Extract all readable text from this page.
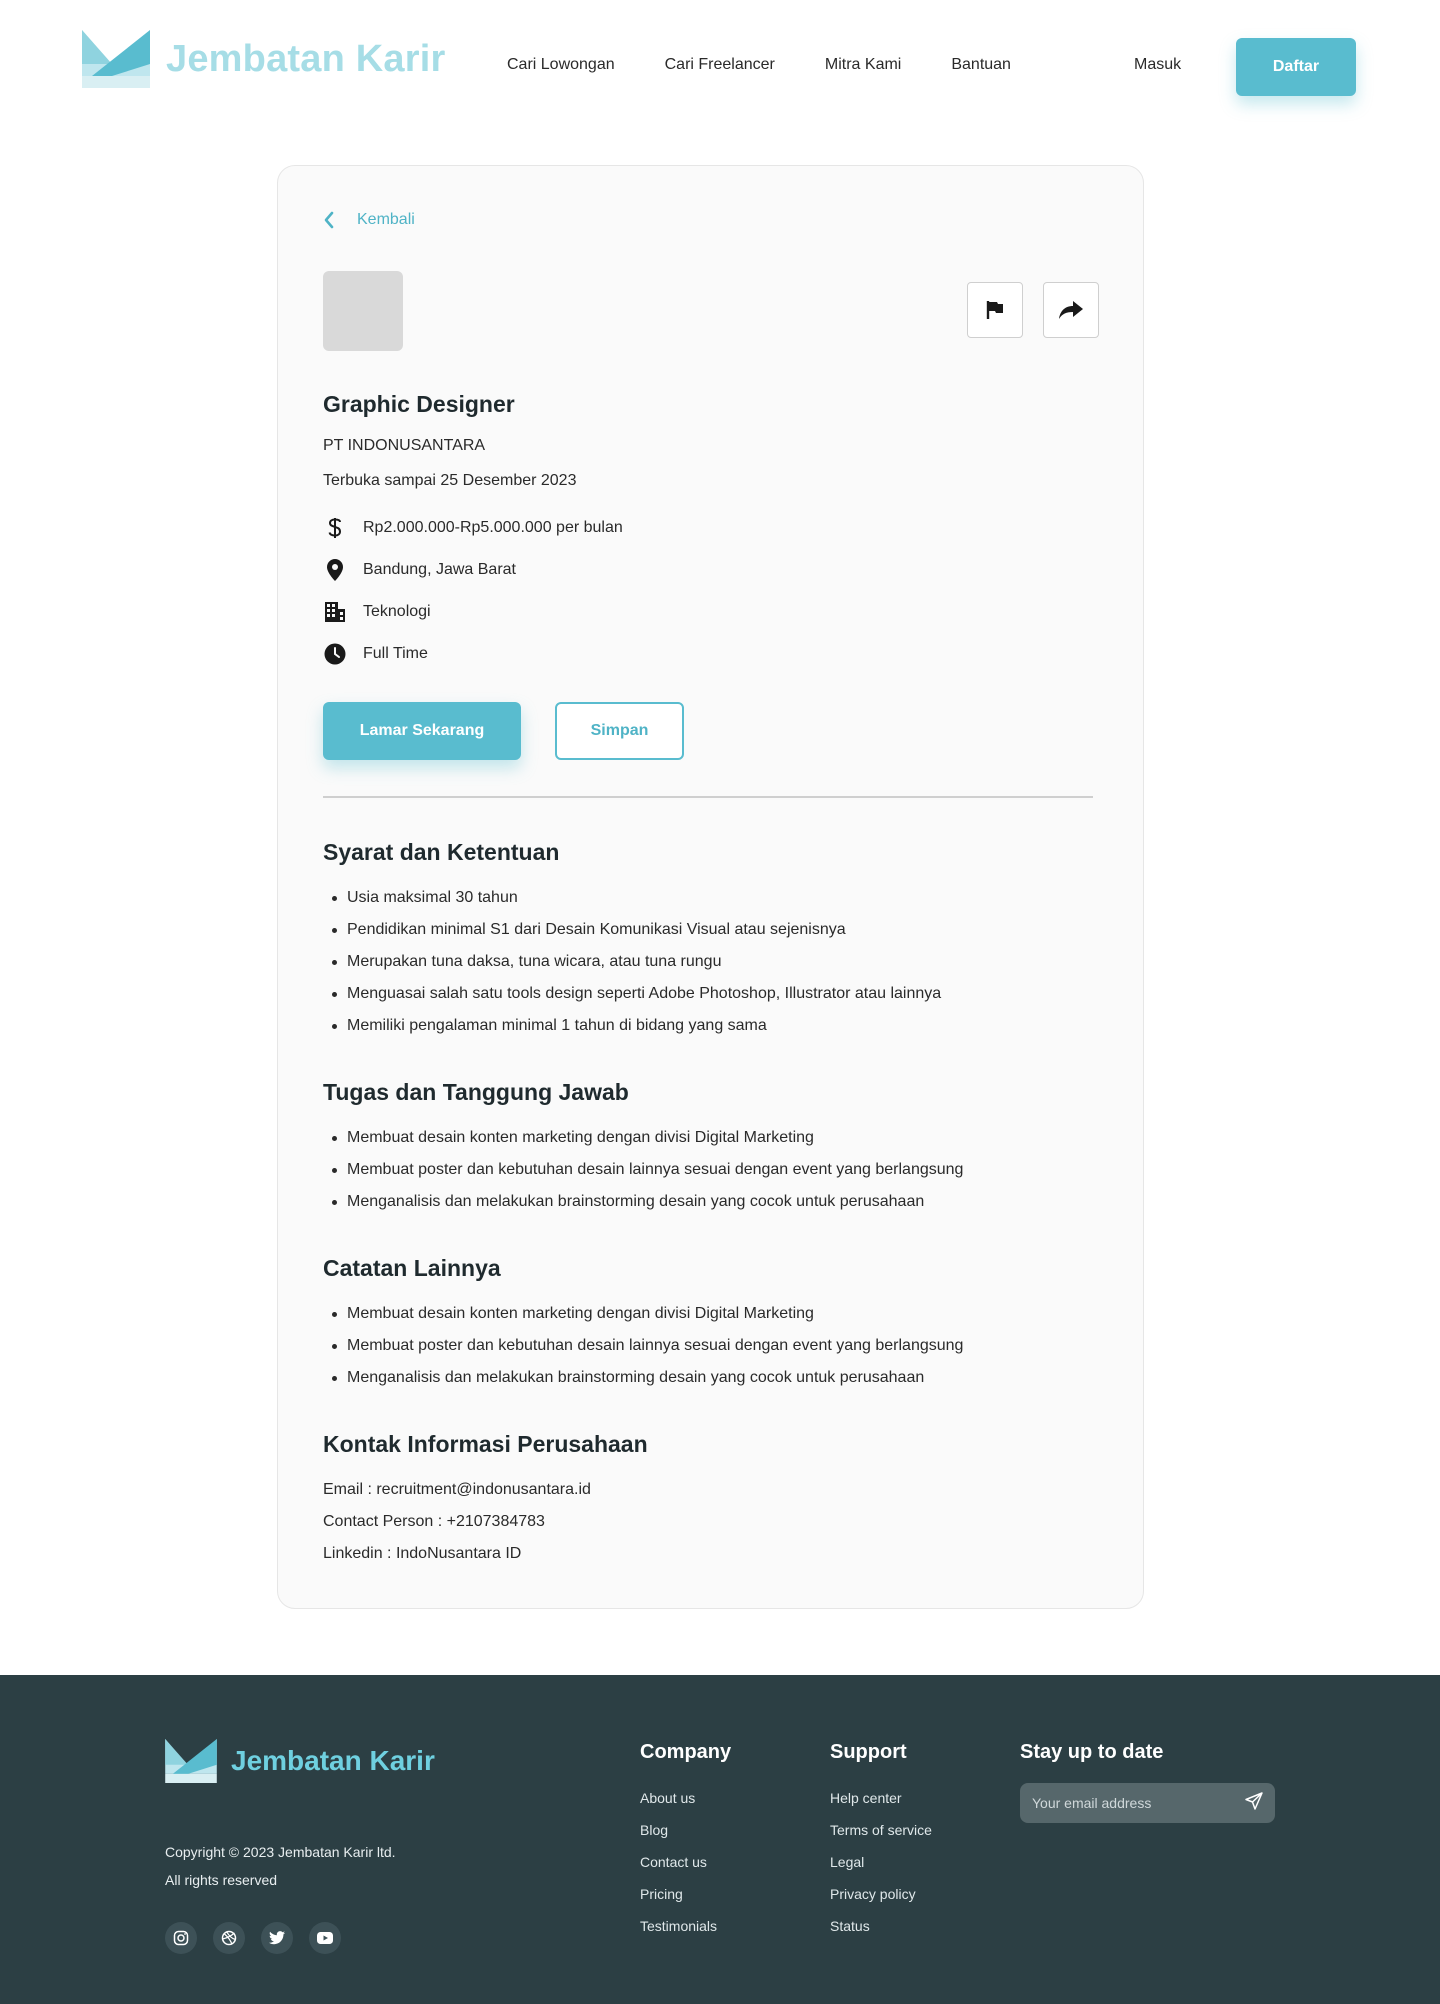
Jembatan Karir	Cari Lowongan	Cari Freelancer	Mitra Kami	Bantuan	Masuk	Daftar
Kembali
Graphic Designer
PT INDONUSANTARA
Terbuka sampai 25 Desember 2023
Rp2.000.000-Rp5.000.000 per bulan
Bandung, Jawa Barat
Teknologi
Full Time
Lamar Sekarang	Simpan
Syarat dan Ketentuan
Usia maksimal 30 tahun
Pendidikan minimal S1 dari Desain Komunikasi Visual atau sejenisnya
Merupakan tuna daksa, tuna wicara, atau tuna rungu
Menguasai salah satu tools design seperti Adobe Photoshop, Illustrator atau lainnya
Memiliki pengalaman minimal 1 tahun di bidang yang sama
Tugas dan Tanggung Jawab
Membuat desain konten marketing dengan divisi Digital Marketing
Membuat poster dan kebutuhan desain lainnya sesuai dengan event yang berlangsung
Menganalisis dan melakukan brainstorming desain yang cocok untuk perusahaan
Catatan Lainnya
Membuat desain konten marketing dengan divisi Digital Marketing
Membuat poster dan kebutuhan desain lainnya sesuai dengan event yang berlangsung
Menganalisis dan melakukan brainstorming desain yang cocok untuk perusahaan
Kontak Informasi Perusahaan
Email : recruitment@indonusantara.id
Contact Person : +2107384783
Linkedin : IndoNusantara ID
Jembatan Karir
Copyright © 2023 Jembatan Karir ltd.
All rights reserved
Company
About us
Blog
Contact us
Pricing
Testimonials
Support
Help center
Terms of service
Legal
Privacy policy
Status
Stay up to date
Your email address
